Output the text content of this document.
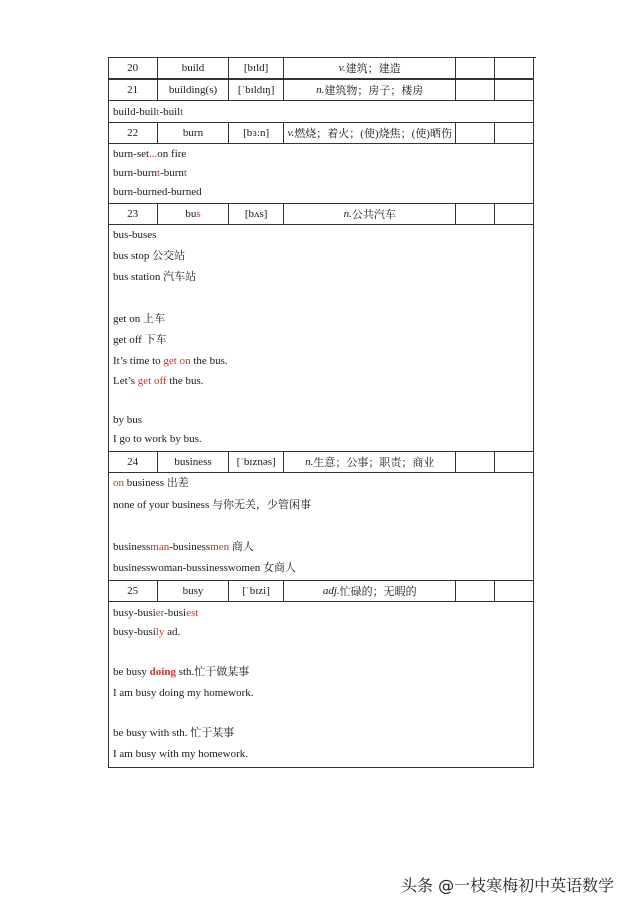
20	build	[bɪld]	v. 建筑；建造
21	building(s)	[ˈbɪldɪŋ]	n. 建筑物；房子；楼房
build-built-built
22	burn	[bɜːn]	v. 燃烧；着火；(使)烧焦；(使)晒伤
burn-set...on fire
burn-burnt-burnt
burn-burned-burned
23	bu s	[bʌs]	n. 公共汽车
bus-buses
bus stop 公交站
bus station 汽车站
get on 上车
get off 下车
It’s time to get on the bus.
Let’s get off the bus.
by bus
I go to work by bus.
24	business	[ˈbɪznəs]	n. 生意；公事；职责；商业
on business 出差
none of your business 与你无关，少管闲事
businessman-businessmen 商人
businesswoman-bussinesswomen 女商人
25	busy	[ˈbɪzi]	adj. 忙碌的；无暇的
busy-busier-busiest
busy-busily ad.
be busy doing sth.忙于做某事
I am busy doing my homework.
be busy with sth. 忙于某事
I am busy with my homework.
头条 @一枝寒梅初中英语数学
